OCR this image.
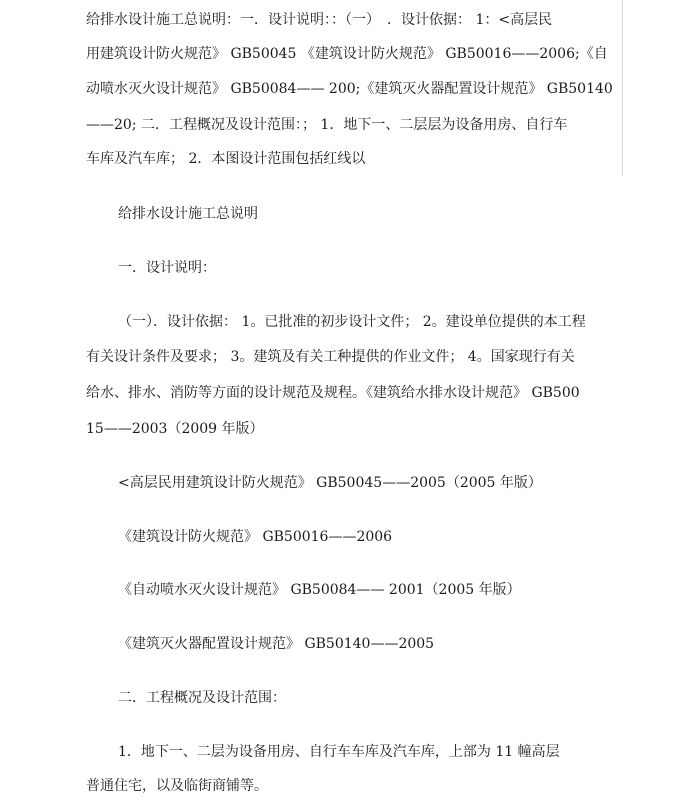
给排水设计施工总说明：一．设计说明：：（一）　．设计依据： 1：<高层民
用建筑设计防火规范》 GB50045 《建筑设计防火规范》 GB50016——2006;《自
动喷水灭火设计规范》 GB50084—— 200;《建筑灭火器配置设计规范》 GB50140
——20; 二．工程概况及设计范围：； 1．地下一、二层层为设备用房、自行车
车库及汽车库； 2．本图设计范围包括红线以
给排水设计施工总说明
一．设计说明：
（一）．设计依据： 1。已批准的初步设计文件； 2。建设单位提供的本工程
有关设计条件及要求； 3。建筑及有关工种提供的作业文件； 4。国家现行有关
给水、排水、消防等方面的设计规范及规程。《建筑给水排水设计规范》 GB500
15——2003（2009 年版）
<高层民用建筑设计防火规范》 GB50045——2005（2005 年版）
《建筑设计防火规范》 GB50016——2006
《自动喷水灭火设计规范》 GB50084—— 2001（2005 年版）
《建筑灭火器配置设计规范》 GB50140——2005
二．工程概况及设计范围：
1．地下一、二层为设备用房、自行车车库及汽车库，上部为 11 幢高层
普通住宅，以及临街商铺等。
